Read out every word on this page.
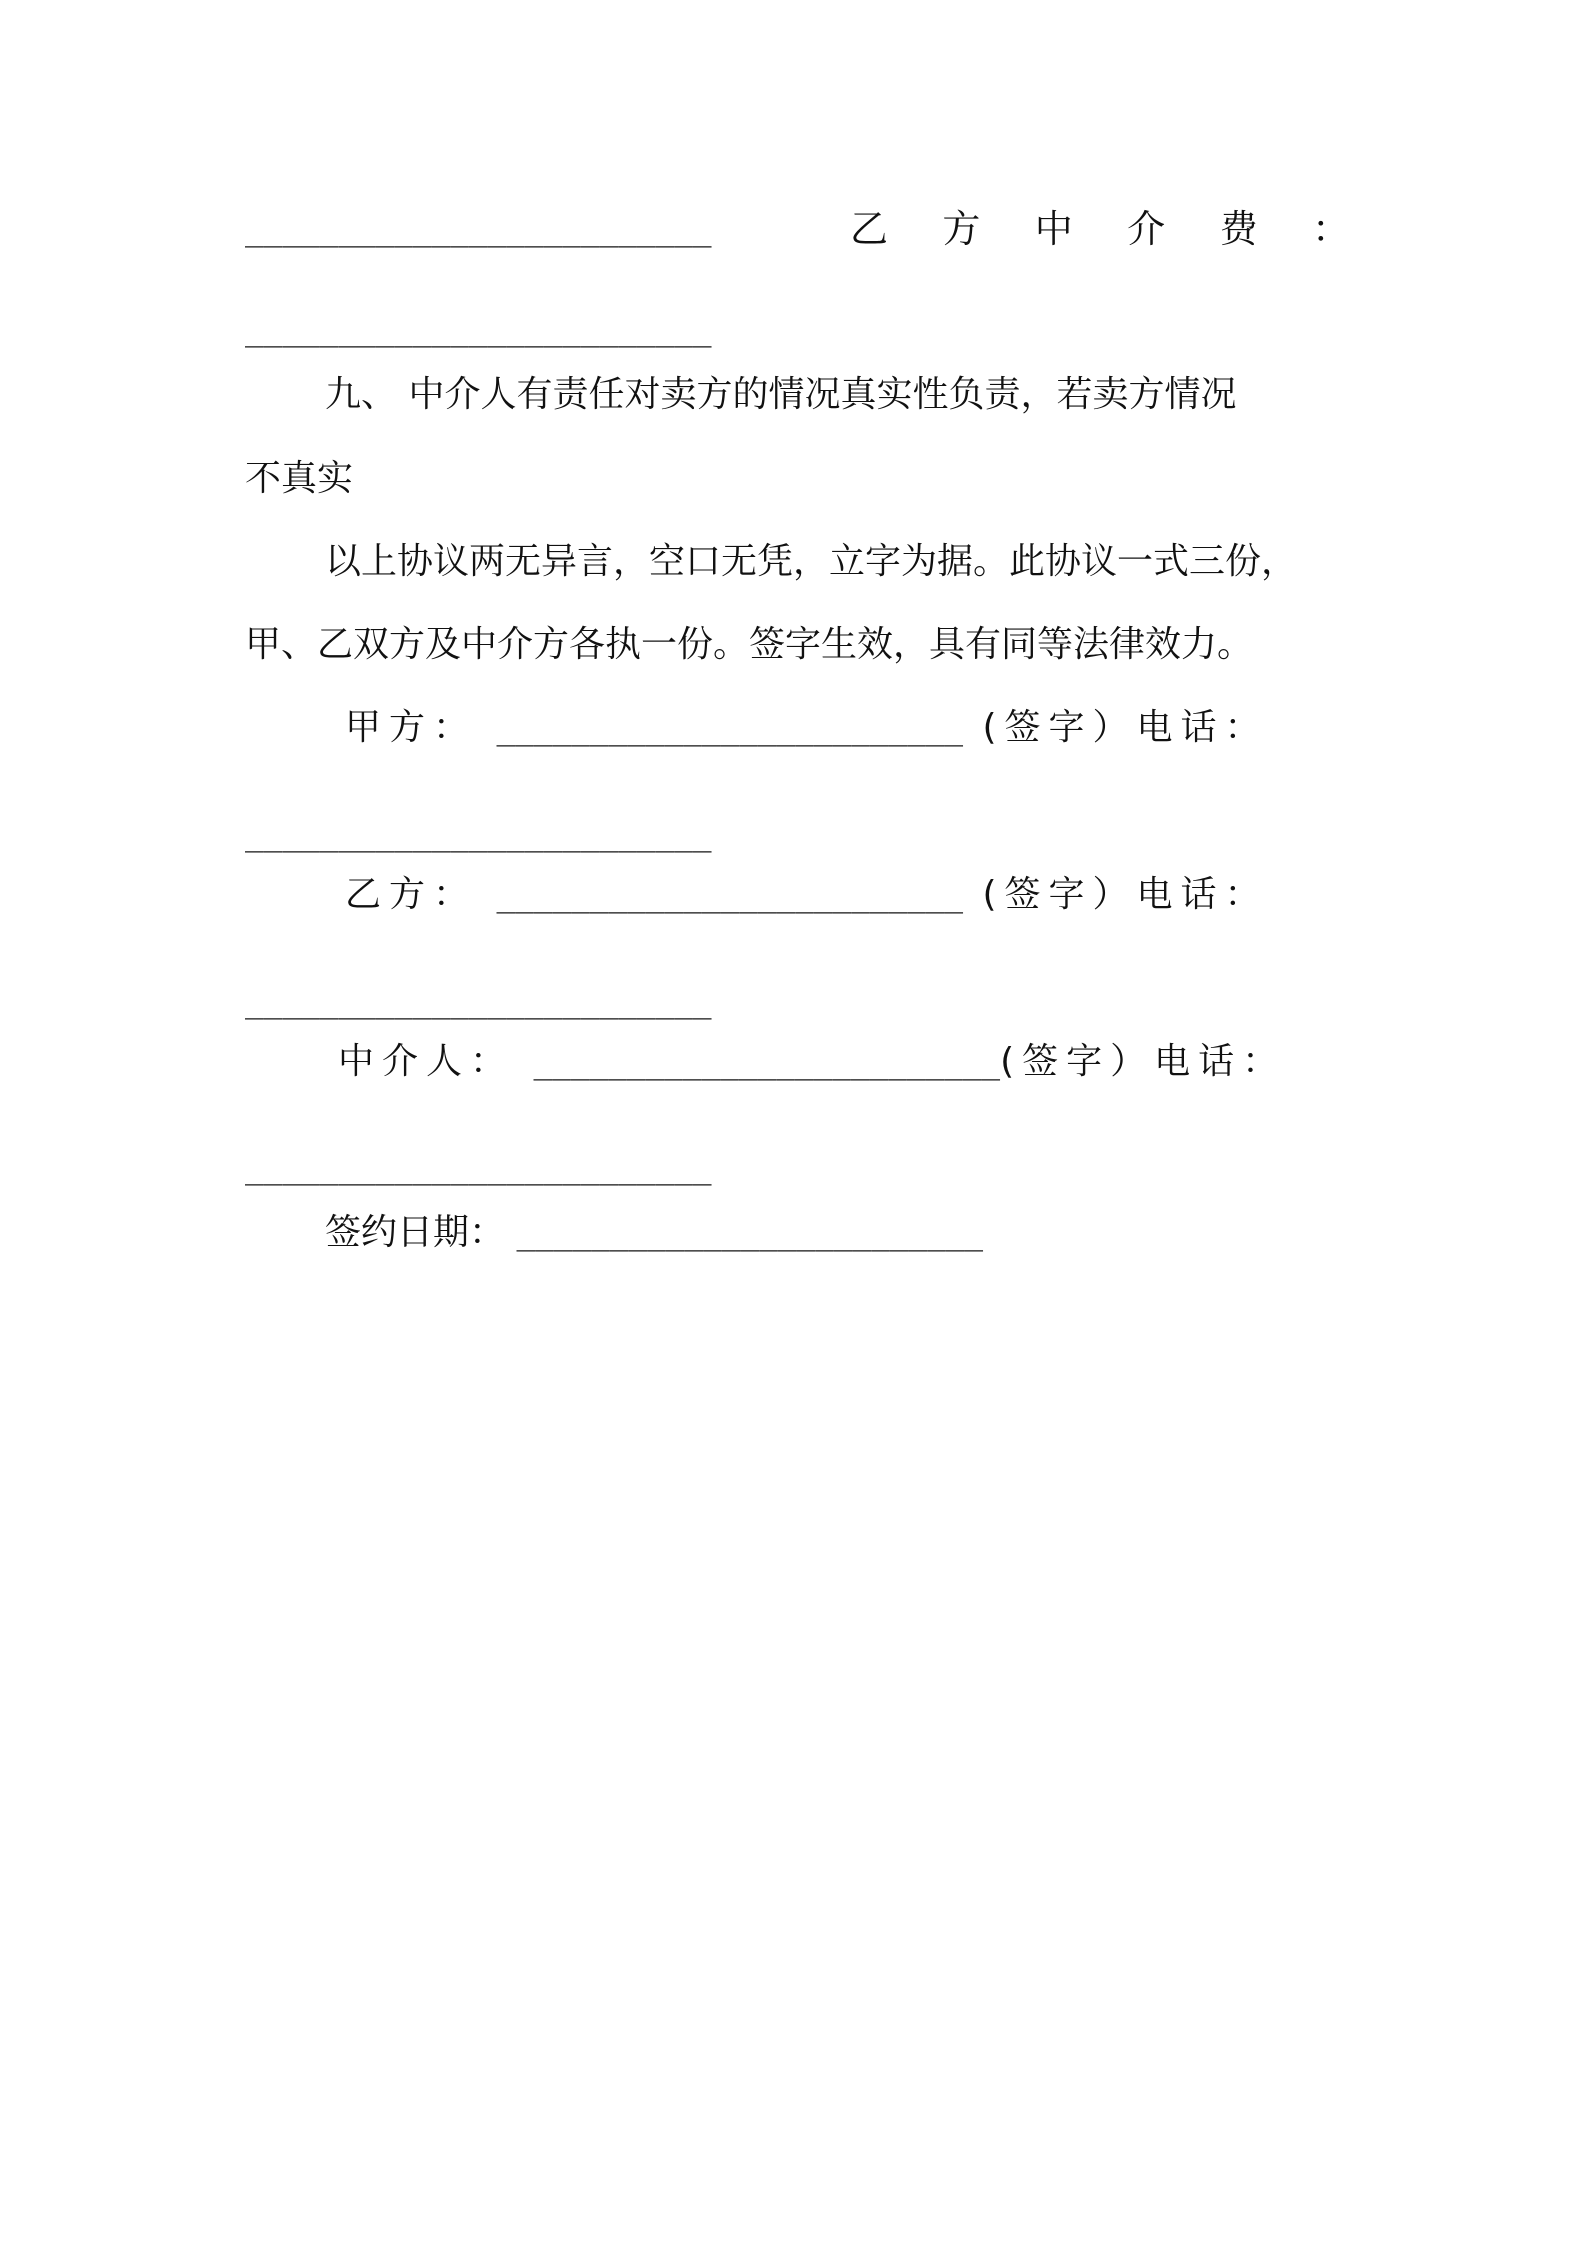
_________________________	乙 方 中 介 费 ：
_________________________
九、 中介人有责任对卖方的情况真实性负责，若卖方情况
不真实
以上协议两无异言，空口无凭，立字为据。此协议一式三份，
甲、乙双方及中介方各执一份。签字生效，具有同等法律效力。
甲方： _________________________ (签字）电话：
_________________________
乙方： _________________________ (签字）电话：
_________________________
中介人： _________________________(签字）电话：
_________________________
签约日期： _________________________
